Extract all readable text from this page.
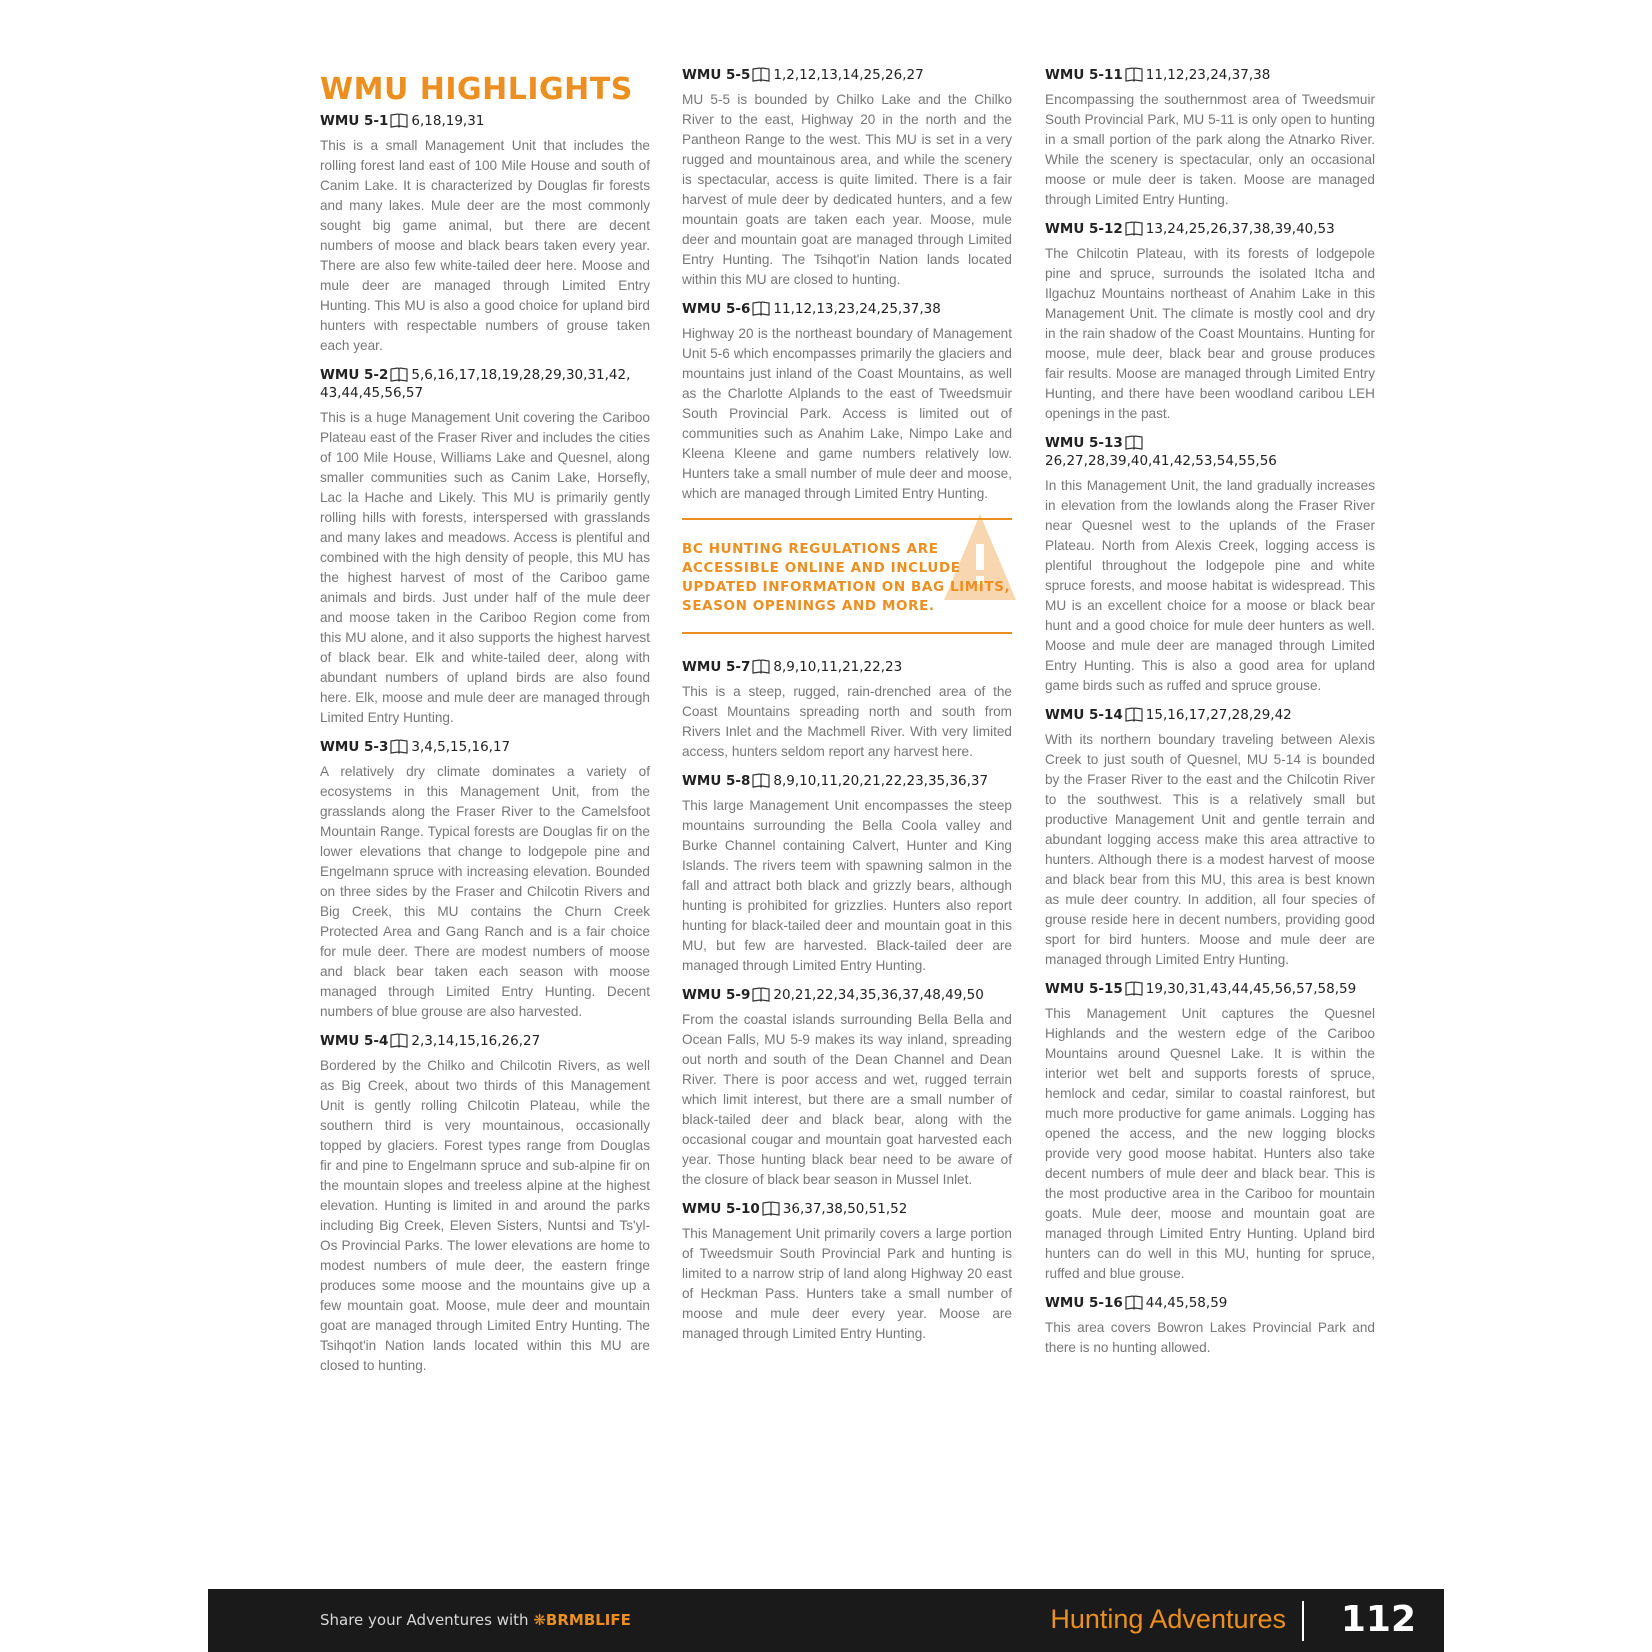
WMU HIGHLIGHTS
WMU 5-1 6,18,19,31

This is a small Management Unit that includes the rolling forest land east of 100 Mile House and south of Canim Lake. It is characterized by Douglas fir forests and many lakes. Mule deer are the most commonly sought big game animal, but there are decent numbers of moose and black bears taken every year. There are also few white-tailed deer here. Moose and mule deer are managed through Limited Entry Hunting. This MU is also a good choice for upland bird hunters with respectable numbers of grouse taken each year.

WMU 5-2 5,6,16,17,18,19,28,29,30,31,42, 43,44,45,56,57

This is a huge Management Unit covering the Cariboo Plateau east of the Fraser River and includes the cities of 100 Mile House, Williams Lake and Quesnel, along smaller communities such as Canim Lake, Horsefly, Lac la Hache and Likely. This MU is primarily gently rolling hills with forests, interspersed with grasslands and many lakes and meadows. Access is plentiful and combined with the high density of people, this MU has the highest harvest of most of the Cariboo game animals and birds. Just under half of the mule deer and moose taken in the Cariboo Region come from this MU alone, and it also supports the highest harvest of black bear. Elk and white-tailed deer, along with abundant numbers of upland birds are also found here. Elk, moose and mule deer are managed through Limited Entry Hunting.

WMU 5-3 3,4,5,15,16,17

A relatively dry climate dominates a variety of ecosystems in this Management Unit, from the grasslands along the Fraser River to the Camelsfoot Mountain Range. Typical forests are Douglas fir on the lower elevations that change to lodgepole pine and Engelmann spruce with increasing elevation. Bounded on three sides by the Fraser and Chilcotin Rivers and Big Creek, this MU contains the Churn Creek Protected Area and Gang Ranch and is a fair choice for mule deer. There are modest numbers of moose and black bear taken each season with moose managed through Limited Entry Hunting. Decent numbers of blue grouse are also harvested.

WMU 5-4 2,3,14,15,16,26,27

Bordered by the Chilko and Chilcotin Rivers, as well as Big Creek, about two thirds of this Management Unit is gently rolling Chilcotin Plateau, while the southern third is very mountainous, occasionally topped by glaciers. Forest types range from Douglas fir and pine to Engelmann spruce and sub-alpine fir on the mountain slopes and treeless alpine at the highest elevation. Hunting is limited in and around the parks including Big Creek, Eleven Sisters, Nuntsi and Ts'yl-Os Provincial Parks. The lower elevations are home to modest numbers of mule deer, the eastern fringe produces some moose and the mountains give up a few mountain goat. Moose, mule deer and mountain goat are managed through Limited Entry Hunting. The Tsihqot'in Nation lands located within this MU are closed to hunting.

WMU 5-5 1,2,12,13,14,25,26,27

MU 5-5 is bounded by Chilko Lake and the Chilko River to the east, Highway 20 in the north and the Pantheon Range to the west. This MU is set in a very rugged and mountainous area, and while the scenery is spectacular, access is quite limited. There is a fair harvest of mule deer by dedicated hunters, and a few mountain goats are taken each year. Moose, mule deer and mountain goat are managed through Limited Entry Hunting. The Tsihqot'in Nation lands located within this MU are closed to hunting.

WMU 5-6 11,12,13,23,24,25,37,38

Highway 20 is the northeast boundary of Management Unit 5-6 which encompasses primarily the glaciers and mountains just inland of the Coast Mountains, as well as the Charlotte Alplands to the east of Tweedsmuir South Provincial Park. Access is limited out of communities such as Anahim Lake, Nimpo Lake and Kleena Kleene and game numbers relatively low. Hunters take a small number of mule deer and moose, which are managed through Limited Entry Hunting.

BC HUNTING REGULATIONS ARE ACCESSIBLE ONLINE AND INCLUDE UPDATED INFORMATION ON BAG LIMITS, SEASON OPENINGS AND MORE.
WMU 5-7 8,9,10,11,21,22,23

This is a steep, rugged, rain-drenched area of the Coast Mountains spreading north and south from Rivers Inlet and the Machmell River. With very limited access, hunters seldom report any harvest here.

WMU 5-8 8,9,10,11,20,21,22,23,35,36,37

This large Management Unit encompasses the steep mountains surrounding the Bella Coola valley and Burke Channel containing Calvert, Hunter and King Islands. The rivers teem with spawning salmon in the fall and attract both black and grizzly bears, although hunting is prohibited for grizzlies. Hunters also report hunting for black-tailed deer and mountain goat in this MU, but few are harvested. Black-tailed deer are managed through Limited Entry Hunting.

WMU 5-9 20,21,22,34,35,36,37,48,49,50

From the coastal islands surrounding Bella Bella and Ocean Falls, MU 5-9 makes its way inland, spreading out north and south of the Dean Channel and Dean River. There is poor access and wet, rugged terrain which limit interest, but there are a small number of black-tailed deer and black bear, along with the occasional cougar and mountain goat harvested each year. Those hunting black bear need to be aware of the closure of black bear season in Mussel Inlet.

WMU 5-10 36,37,38,50,51,52

This Management Unit primarily covers a large portion of Tweedsmuir South Provincial Park and hunting is limited to a narrow strip of land along Highway 20 east of Heckman Pass. Hunters take a small number of moose and mule deer every year. Moose are managed through Limited Entry Hunting.

WMU 5-11 11,12,23,24,37,38

Encompassing the southernmost area of Tweedsmuir South Provincial Park, MU 5-11 is only open to hunting in a small portion of the park along the Atnarko River. While the scenery is spectacular, only an occasional moose or mule deer is taken. Moose are managed through Limited Entry Hunting.

WMU 5-12 13,24,25,26,37,38,39,40,53

The Chilcotin Plateau, with its forests of lodgepole pine and spruce, surrounds the isolated Itcha and Ilgachuz Mountains northeast of Anahim Lake in this Management Unit. The climate is mostly cool and dry in the rain shadow of the Coast Mountains. Hunting for moose, mule deer, black bear and grouse produces fair results. Moose are managed through Limited Entry Hunting, and there have been woodland caribou LEH openings in the past.

WMU 5-1326,27,28,39,40,41,42,53,54,55,56

In this Management Unit, the land gradually increases in elevation from the lowlands along the Fraser River near Quesnel west to the uplands of the Fraser Plateau. North from Alexis Creek, logging access is plentiful throughout the lodgepole pine and white spruce forests, and moose habitat is widespread. This MU is an excellent choice for a moose or black bear hunt and a good choice for mule deer hunters as well. Moose and mule deer are managed through Limited Entry Hunting. This is also a good area for upland game birds such as ruffed and spruce grouse.

WMU 5-14 15,16,17,27,28,29,42

With its northern boundary traveling between Alexis Creek to just south of Quesnel, MU 5-14 is bounded by the Fraser River to the east and the Chilcotin River to the southwest. This is a relatively small but productive Management Unit and gentle terrain and abundant logging access make this area attractive to hunters. Although there is a modest harvest of moose and black bear from this MU, this area is best known as mule deer country. In addition, all four species of grouse reside here in decent numbers, providing good sport for bird hunters. Moose and mule deer are managed through Limited Entry Hunting.

WMU 5-15 19,30,31,43,44,45,56,57,58,59

This Management Unit captures the Quesnel Highlands and the western edge of the Cariboo Mountains around Quesnel Lake. It is within the interior wet belt and supports forests of spruce, hemlock and cedar, similar to coastal rainforest, but much more productive for game animals. Logging has opened the access, and the new logging blocks provide very good moose habitat. Hunters also take decent numbers of mule deer and black bear. This is the most productive area in the Cariboo for mountain goats. Mule deer, moose and mountain goat are managed through Limited Entry Hunting. Upland bird hunters can do well in this MU, hunting for spruce, ruffed and blue grouse.

WMU 5-16 44,45,58,59

This area covers Bowron Lakes Provincial Park and there is no hunting allowed.

Share your Adventures with ❋BRMBLIFE	Hunting Adventures 112
